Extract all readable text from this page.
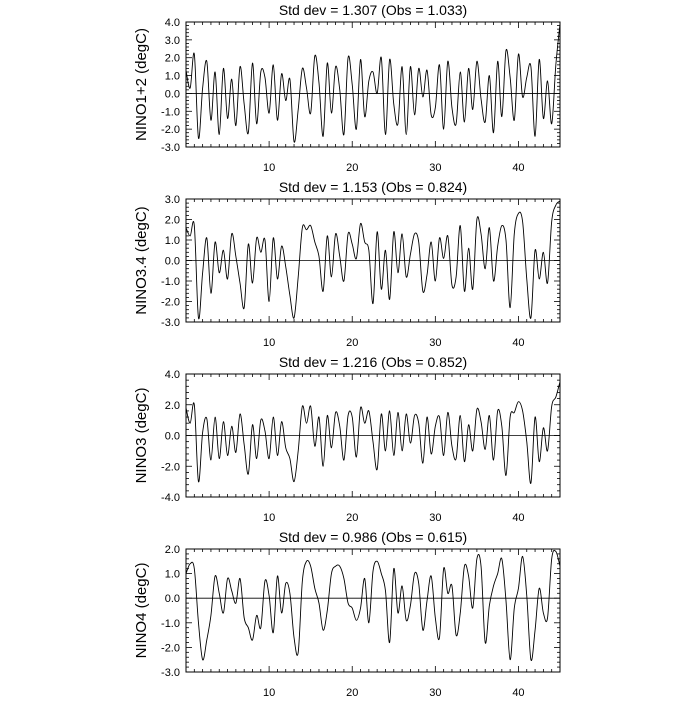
Std dev = 1.307 (Obs = 1.033)
NINO1+2 (degC)
-3.0
-2.0
-1.0
0.0
1.0
2.0
3.0
4.0
10	20	30	40
Std dev = 1.153 (Obs = 0.824)
NINO3.4 (degC)
-3.0
-2.0
-1.0
0.0
1.0
2.0
3.0
10	20	30	40
Std dev = 1.216 (Obs = 0.852)
NINO3 (degC)
-4.0
-2.0
0.0
2.0
4.0
10	20	30	40
Std dev = 0.986 (Obs = 0.615)
NINO4 (degC)
-3.0
-2.0
-1.0
0.0
1.0
2.0
10	20	30	40
